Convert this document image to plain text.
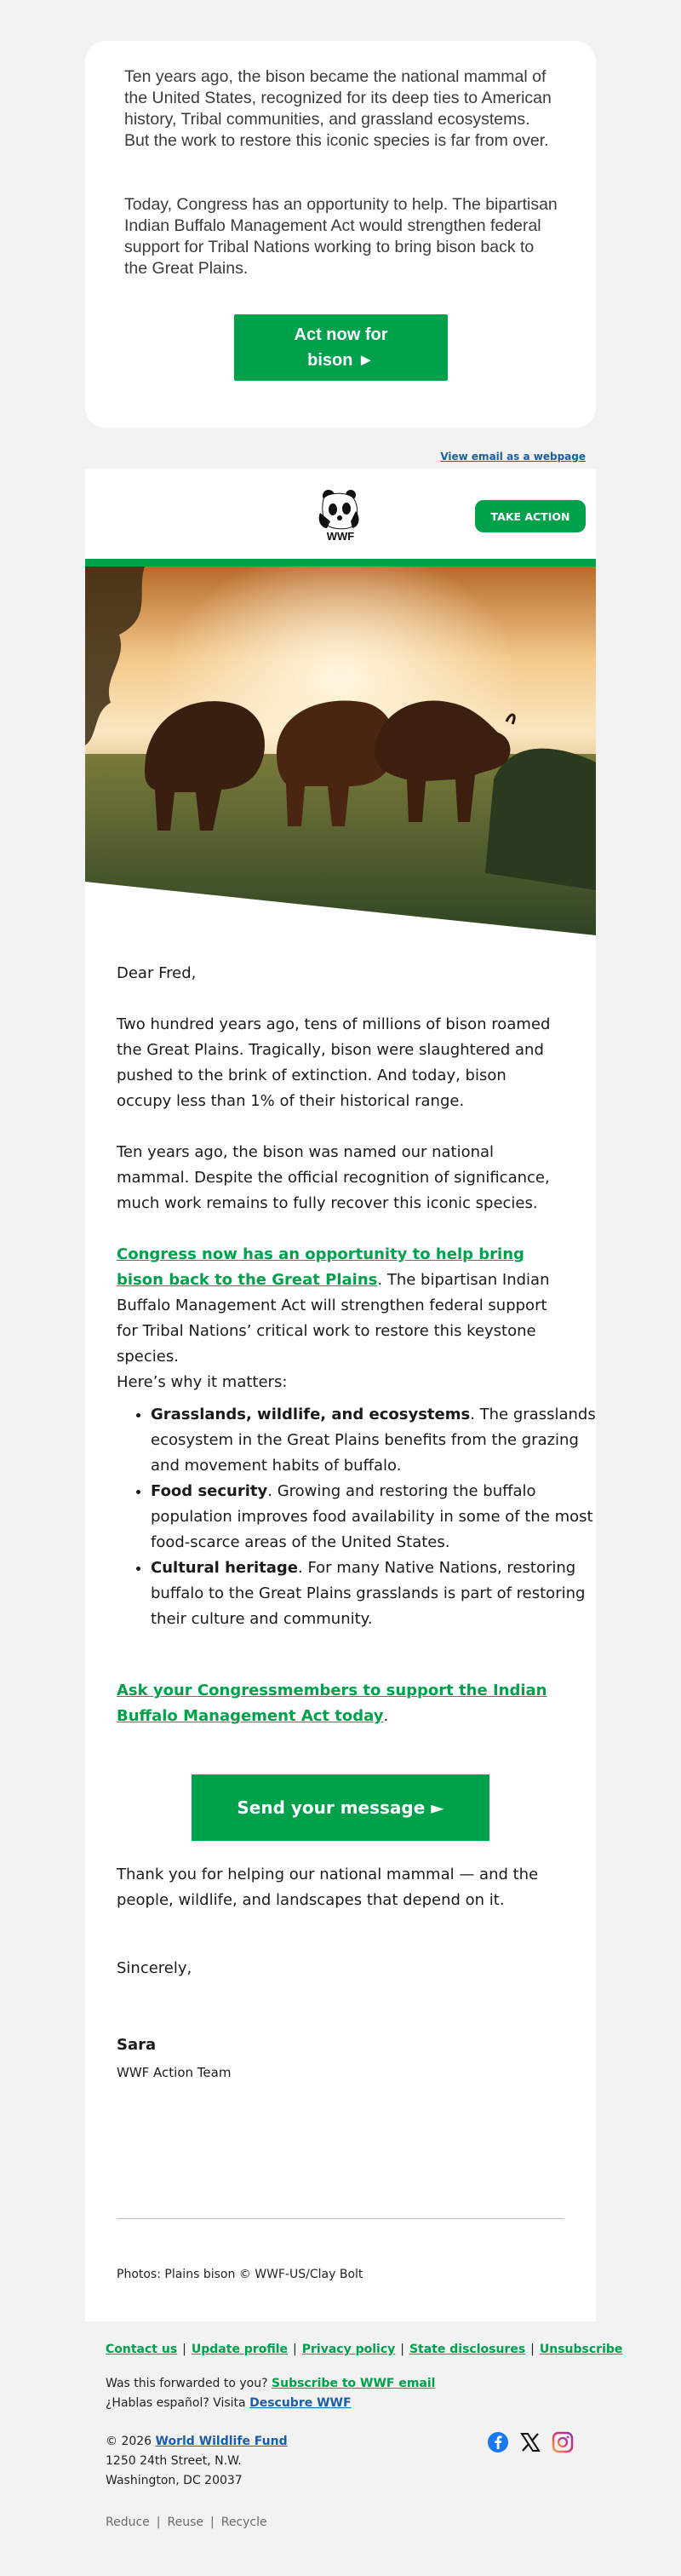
Ten years ago, the bison became the national mammal of the United States, recognized for its deep ties to American history, Tribal communities, and grassland ecosystems. But the work to restore this iconic species is far from over.

Today, Congress has an opportunity to help. The bipartisan Indian Buffalo Management Act would strengthen federal support for Tribal Nations working to bring bison back to the Great Plains.

Act now for bison ►
View email as a webpage
WWF
TAKE ACTION

Dear Fred,

Two hundred years ago, tens of millions of bison roamed the Great Plains. Tragically, bison were slaughtered and pushed to the brink of extinction. And today, bison occupy less than 1% of their historical range.

Ten years ago, the bison was named our national mammal. Despite the official recognition of significance, much work remains to fully recover this iconic species.

Congress now has an opportunity to help bring bison back to the Great Plains. The bipartisan Indian Buffalo Management Act will strengthen federal support for Tribal Nations’ critical work to restore this keystone species.

Here’s why it matters:

• Grasslands, wildlife, and ecosystems. The grasslands ecosystem in the Great Plains benefits from the grazing and movement habits of buffalo.
• Food security. Growing and restoring the buffalo population improves food availability in some of the most food-scarce areas of the United States.
• Cultural heritage. For many Native Nations, restoring buffalo to the Great Plains grasslands is part of restoring their culture and community.

Ask your Congressmembers to support the Indian Buffalo Management Act today.

Send your message ►

Thank you for helping our national mammal — and the people, wildlife, and landscapes that depend on it.

Sincerely,

Sara
WWF Action Team
Photos: Plains bison © WWF-US/Clay Bolt
Contact us | Update profile | Privacy policy | State disclosures | Unsubscribe
Was this forwarded to you? Subscribe to WWF email
¿Hablas español? Visita Descubre WWF
© 2026 World Wildlife Fund
1250 24th Street, N.W.
Washington, DC 20037
Reduce | Reuse | Recycle
